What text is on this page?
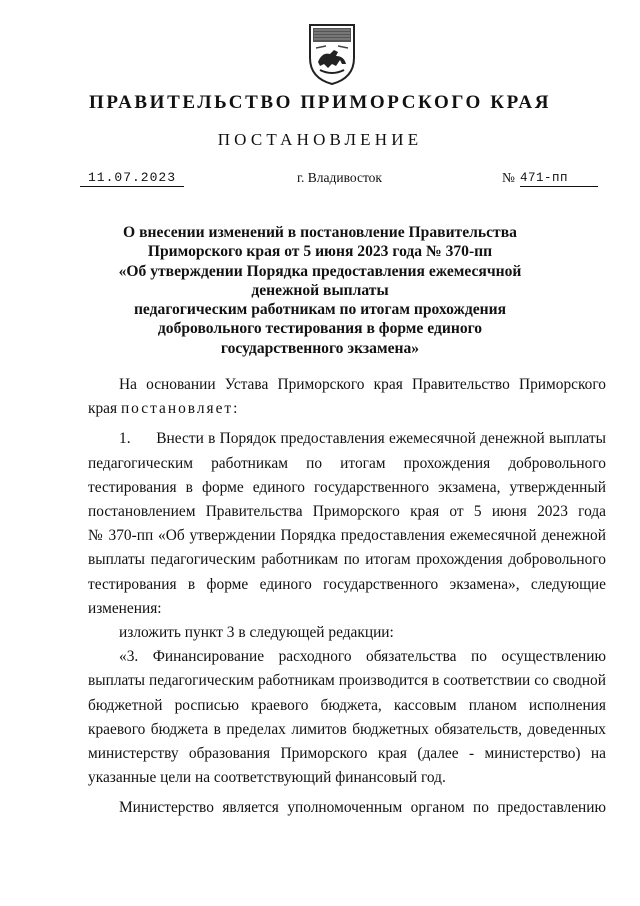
ПРАВИТЕЛЬСТВО ПРИМОРСКОГО КРАЯ
ПОСТАНОВЛЕНИЕ
11.07.2023	г. Владивосток	№ 471-пп
О внесении изменений в постановление Правительства
Приморского края от 5 июня 2023 года № 370-пп
«Об утверждении Порядка предоставления ежемесячной
денежной выплаты
педагогическим работникам по итогам прохождения
добровольного тестирования в форме единого
государственного экзамена»
На основании Устава Приморского края Правительство Приморского
края постановляет:
1.      Внести в Порядок предоставления ежемесячной денежной выплаты
педагогическим работникам по итогам прохождения добровольного
тестирования в форме единого государственного экзамена, утвержденный
постановлением Правительства Приморского края от 5 июня 2023 года
№ 370-пп «Об утверждении Порядка предоставления ежемесячной денежной
выплаты педагогическим работникам по итогам прохождения добровольного
тестирования в форме единого государственного экзамена», следующие
изменения:
изложить пункт 3 в следующей редакции:
«3. Финансирование расходного обязательства по осуществлению
выплаты педагогическим работникам производится в соответствии со сводной
бюджетной росписью краевого бюджета, кассовым планом исполнения
краевого бюджета в пределах лимитов бюджетных обязательств, доведенных
министерству образования Приморского края (далее - министерство) на
указанные цели на соответствующий финансовый год.
Министерство является уполномоченным органом по предоставлению
